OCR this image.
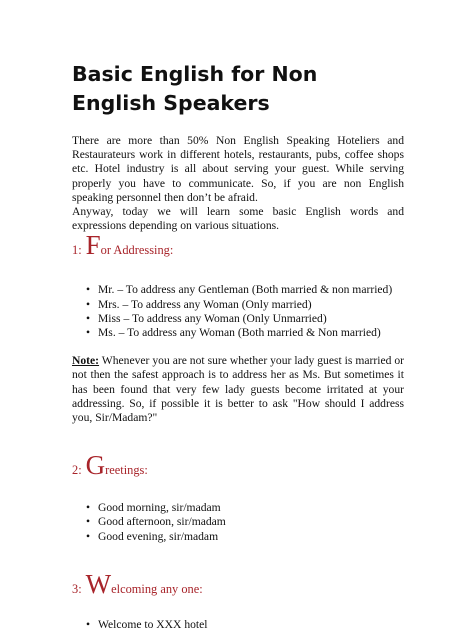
Basic English for Non English Speakers

There are more than 50% Non English Speaking Hoteliers and Restaurateurs work in different hotels, restaurants, pubs, coffee shops etc. Hotel industry is all about serving your guest. While serving properly you have to communicate. So, if you are non English speaking personnel then don’t be afraid.

Anyway, today we will learn some basic English words and expressions depending on various situations.

1: F or Addressing:
• Mr. – To address any Gentleman (Both married & non married)
• Mrs. – To address any Woman (Only married)
• Miss – To address any Woman (Only Unmarried)
• Ms. – To address any Woman (Both married & Non married)

Note: Whenever you are not sure whether your lady guest is married or not then the safest approach is to address her as Ms. But sometimes it has been found that very few lady guests become irritated at your addressing. So, if possible it is better to ask "How should I address you, Sir/Madam?"

2: G reetings:
• Good morning, sir/madam
• Good afternoon, sir/madam
• Good evening, sir/madam
3: W elcoming any one:
• Welcome to XXX hotel
